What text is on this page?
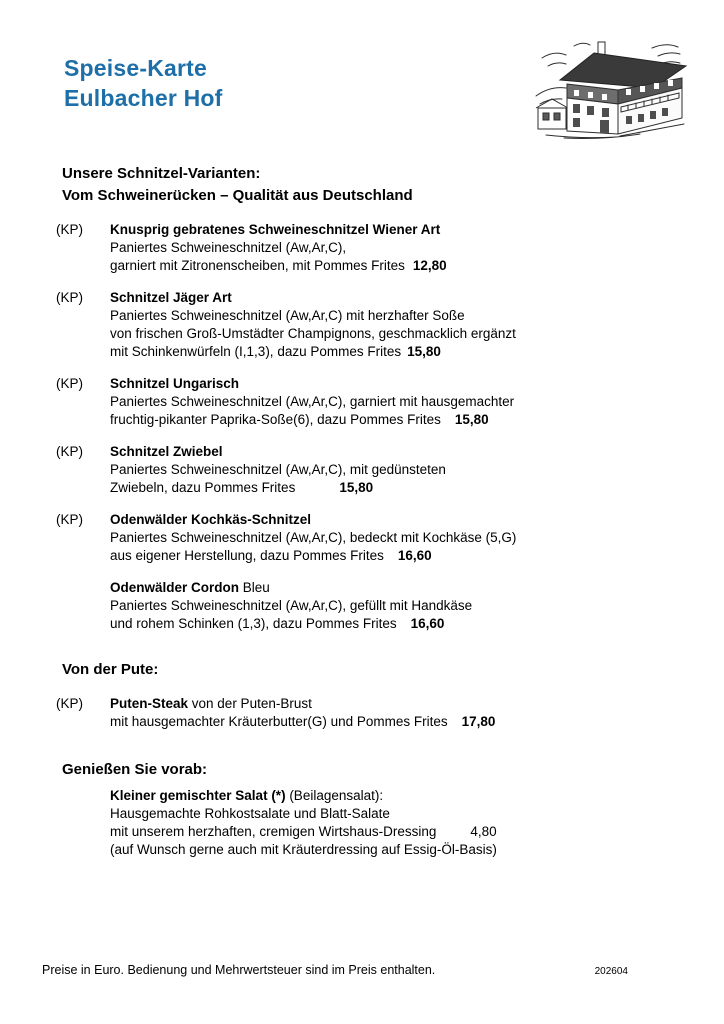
Speise-Karte
Eulbacher Hof
Unsere Schnitzel-Varianten:
Vom Schweinerücken – Qualität aus Deutschland
(KP)	Knusprig gebratenes Schweineschnitzel Wiener Art
Paniertes Schweineschnitzel (Aw,Ar,C),
garniert mit Zitronenscheiben, mit Pommes Frites 12,80
(KP)	Schnitzel Jäger Art
Paniertes Schweineschnitzel (Aw,Ar,C) mit herzhafter Soße
von frischen Groß-Umstädter Champignons, geschmacklich ergänzt
mit Schinkenwürfeln (I,1,3), dazu Pommes Frites 15,80
(KP)	Schnitzel Ungarisch
Paniertes Schweineschnitzel (Aw,Ar,C), garniert mit hausgemachter
fruchtig-pikanter Paprika-Soße(6), dazu Pommes Frites 15,80
(KP)	Schnitzel Zwiebel
Paniertes Schweineschnitzel (Aw,Ar,C), mit gedünsteten
Zwiebeln, dazu Pommes Frites	15,80
(KP)	Odenwälder Kochkäs-Schnitzel
Paniertes Schweineschnitzel (Aw,Ar,C), bedeckt mit Kochkäse (5,G)
aus eigener Herstellung, dazu Pommes Frites 16,60
Odenwälder Cordon Bleu
Paniertes Schweineschnitzel (Aw,Ar,C), gefüllt mit Handkäse
und rohem Schinken (1,3), dazu Pommes Frites 16,60
Von der Pute:
(KP)	Puten-Steak von der Puten-Brust
mit hausgemachter Kräuterbutter(G) und Pommes Frites 17,80
Genießen Sie vorab:
Kleiner gemischter Salat (*) (Beilagensalat):
Hausgemachte Rohkostsalate und Blatt-Salate
mit unserem herzhaften, cremigen Wirtshaus-Dressing	4,80
(auf Wunsch gerne auch mit Kräuterdressing auf Essig-Öl-Basis)
Preise in Euro. Bedienung und Mehrwertsteuer sind im Preis enthalten.	202604
